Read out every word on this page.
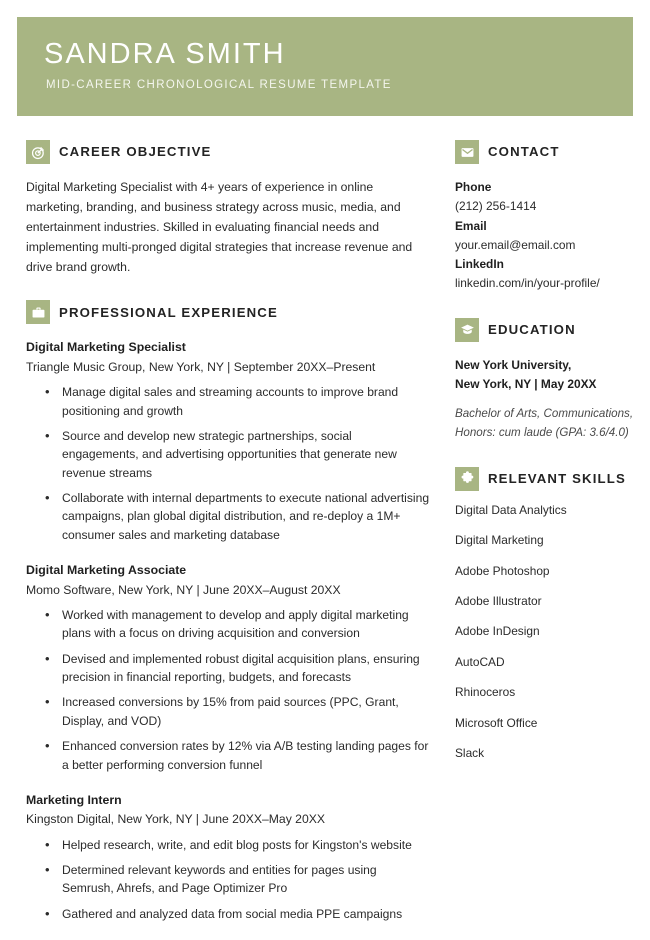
SANDRA SMITH
MID-CAREER CHRONOLOGICAL RESUME TEMPLATE
CAREER OBJECTIVE

Digital Marketing Specialist with 4+ years of experience in online marketing, branding, and business strategy across music, media, and entertainment industries. Skilled in evaluating financial needs and implementing multi-pronged digital strategies that increase revenue and drive brand growth.

PROFESSIONAL EXPERIENCE
Digital Marketing Specialist
Triangle Music Group, New York, NY | September 20XX–Present
• Manage digital sales and streaming accounts to improve brand positioning and growth
• Source and develop new strategic partnerships, social engagements, and advertising opportunities that generate new revenue streams
• Collaborate with internal departments to execute national advertising campaigns, plan global digital distribution, and re-deploy a 1M+ consumer sales and marketing database
Digital Marketing Associate
Momo Software, New York, NY | June 20XX–August 20XX
• Worked with management to develop and apply digital marketing plans with a focus on driving acquisition and conversion
• Devised and implemented robust digital acquisition plans, ensuring precision in financial reporting, budgets, and forecasts
• Increased conversions by 15% from paid sources (PPC, Grant, Display, and VOD)
• Enhanced conversion rates by 12% via A/B testing landing pages for a better performing conversion funnel
Marketing Intern
Kingston Digital, New York, NY | June 20XX–May 20XX
• Helped research, write, and edit blog posts for Kingston's website
• Determined relevant keywords and entities for pages using Semrush, Ahrefs, and Page Optimizer Pro
• Gathered and analyzed data from social media PPE campaigns
CONTACT
Phone
(212) 256-1414
Email
your.email@email.com
LinkedIn
linkedin.com/in/your-profile/
EDUCATION
New York University,
New York, NY | May 20XX
Bachelor of Arts, Communications,
Honors: cum laude (GPA: 3.6/4.0)
RELEVANT SKILLS
Digital Data Analytics
Digital Marketing
Adobe Photoshop
Adobe Illustrator
Adobe InDesign
AutoCAD
Rhinoceros
Microsoft Office
Slack
